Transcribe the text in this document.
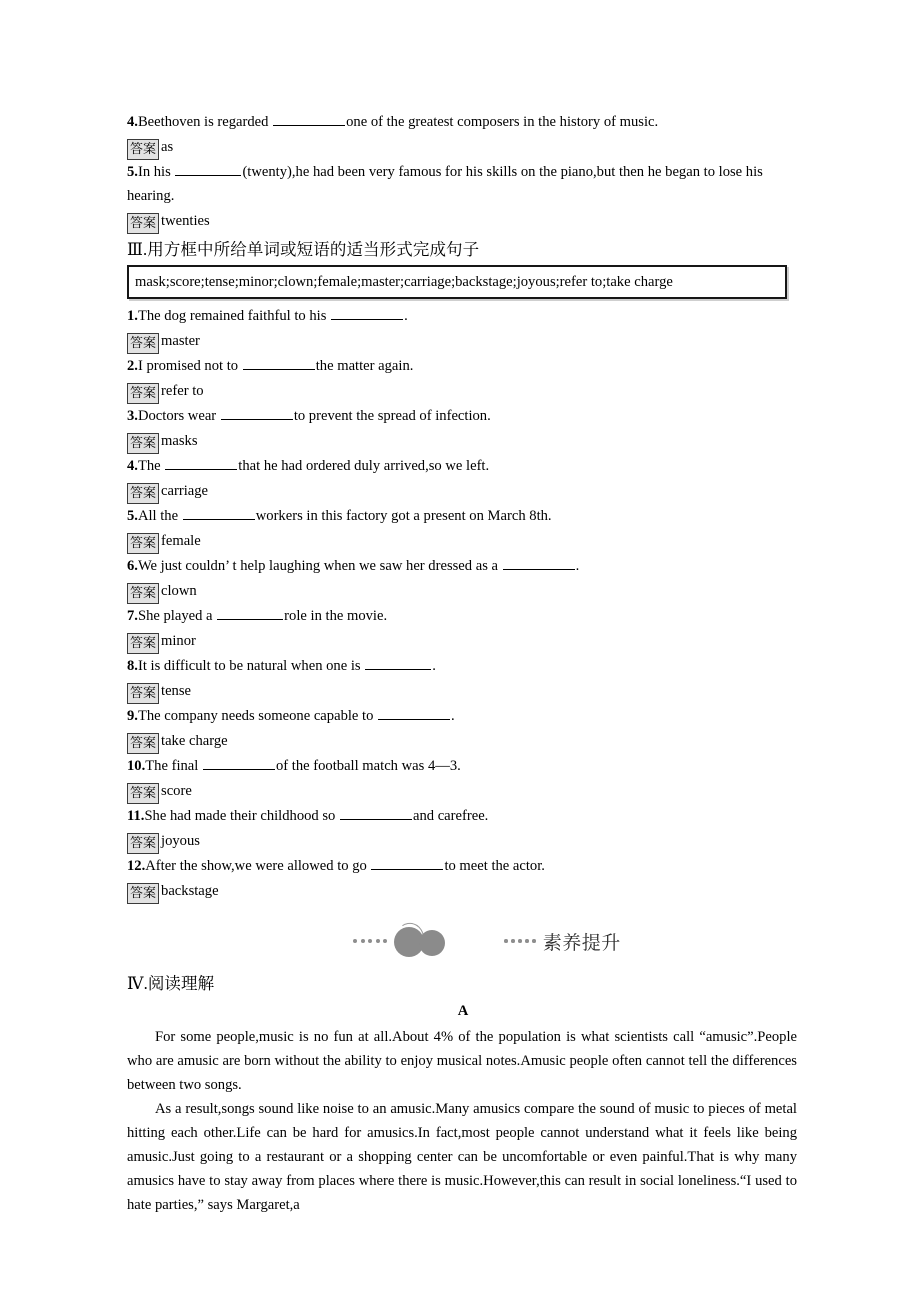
4.Beethoven is regarded	one of the greatest composers in the history of music.

答案 as

5.In his	(twenty),he had been very famous for his skills on the piano,but then he began to lose his hearing.

答案 twenties

Ⅲ.用方框中所给单词或短语的适当形式完成句子
mask;score;tense;minor;clown;female;master;carriage;backstage;joyous;refer to;take charge

1.The dog remained faithful to his	.

答案 master

2.I promised not to	the matter again.

答案 refer to

3.Doctors wear	to prevent the spread of infection.

答案 masks

4.The	that he had ordered duly arrived,so we left.

答案 carriage

5.All the	workers in this factory got a present on March 8th.

答案 female

6.We just couldn’ t help laughing when we saw her dressed as a	.

答案 clown

7.She played a	role in the movie.

答案 minor

8.It is difficult to be natural when one is	.

答案 tense

9.The company needs someone capable to	.

答案 take charge

10.The final	of the football match was 4—3.

答案 score

11.She had made their childhood so	and carefree.

答案 joyous

12.After the show,we were allowed to go	to meet the actor.

答案 backstage

素养提升
Ⅳ.阅读理解

A

For some people,music is no fun at all.About 4% of the population is what scientists call “amusic”.People who are amusic are born without the ability to enjoy musical notes.Amusic people often cannot tell the differences between two songs.

As a result,songs sound like noise to an amusic.Many amusics compare the sound of music to pieces of metal hitting each other.Life can be hard for amusics.In fact,most people cannot understand what it feels like being amusic.Just going to a restaurant or a shopping center can be uncomfortable or even painful.That is why many amusics have to stay away from places where there is music.However,this can result in social loneliness.“I used to hate parties,” says Margaret,a
